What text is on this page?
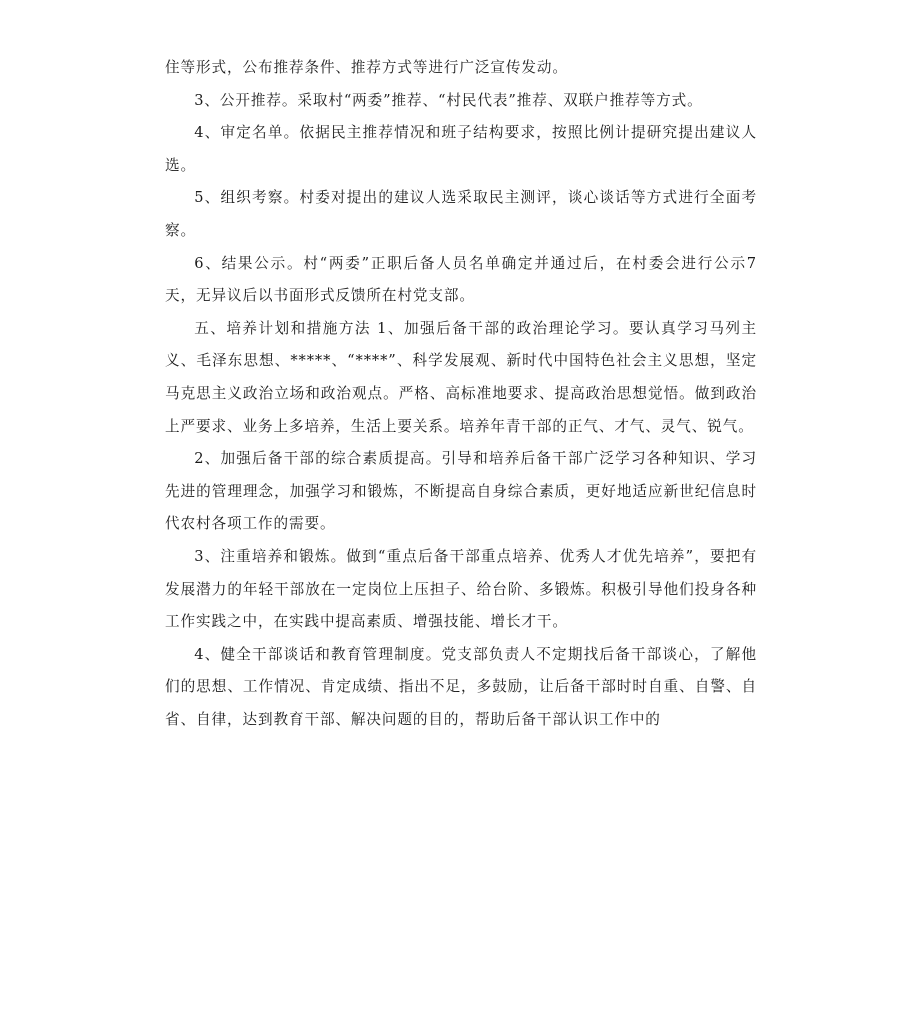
住等形式，公布推荐条件、推荐方式等进行广泛宣传发动。

3、公开推荐。采取村“两委”推荐、“村民代表”推荐、双联户推荐等方式。

4、审定名单。依据民主推荐情况和班子结构要求，按照比例计提研究提出建议人选。

5、组织考察。村委对提出的建议人选采取民主测评，谈心谈话等方式进行全面考察。

6、结果公示。村“两委”正职后备人员名单确定并通过后，在村委会进行公示7天，无异议后以书面形式反馈所在村党支部。

五、培养计划和措施方法 1、加强后备干部的政治理论学习。要认真学习马列主义、毛泽东思想、*****、“****”、科学发展观、新时代中国特色社会主义思想，坚定马克思主义政治立场和政治观点。严格、高标准地要求、提高政治思想觉悟。做到政治上严要求、业务上多培养，生活上要关系。培养年青干部的正气、才气、灵气、锐气。

2、加强后备干部的综合素质提高。引导和培养后备干部广泛学习各种知识、学习先进的管理理念，加强学习和锻炼，不断提高自身综合素质，更好地适应新世纪信息时代农村各项工作的需要。

3、注重培养和锻炼。做到“重点后备干部重点培养、优秀人才优先培养”，要把有发展潜力的年轻干部放在一定岗位上压担子、给台阶、多锻炼。积极引导他们投身各种工作实践之中，在实践中提高素质、增强技能、增长才干。

4、健全干部谈话和教育管理制度。党支部负责人不定期找后备干部谈心，了解他们的思想、工作情况、肯定成绩、指出不足，多鼓励，让后备干部时时自重、自警、自省、自律，达到教育干部、解决问题的目的，帮助后备干部认识工作中的
